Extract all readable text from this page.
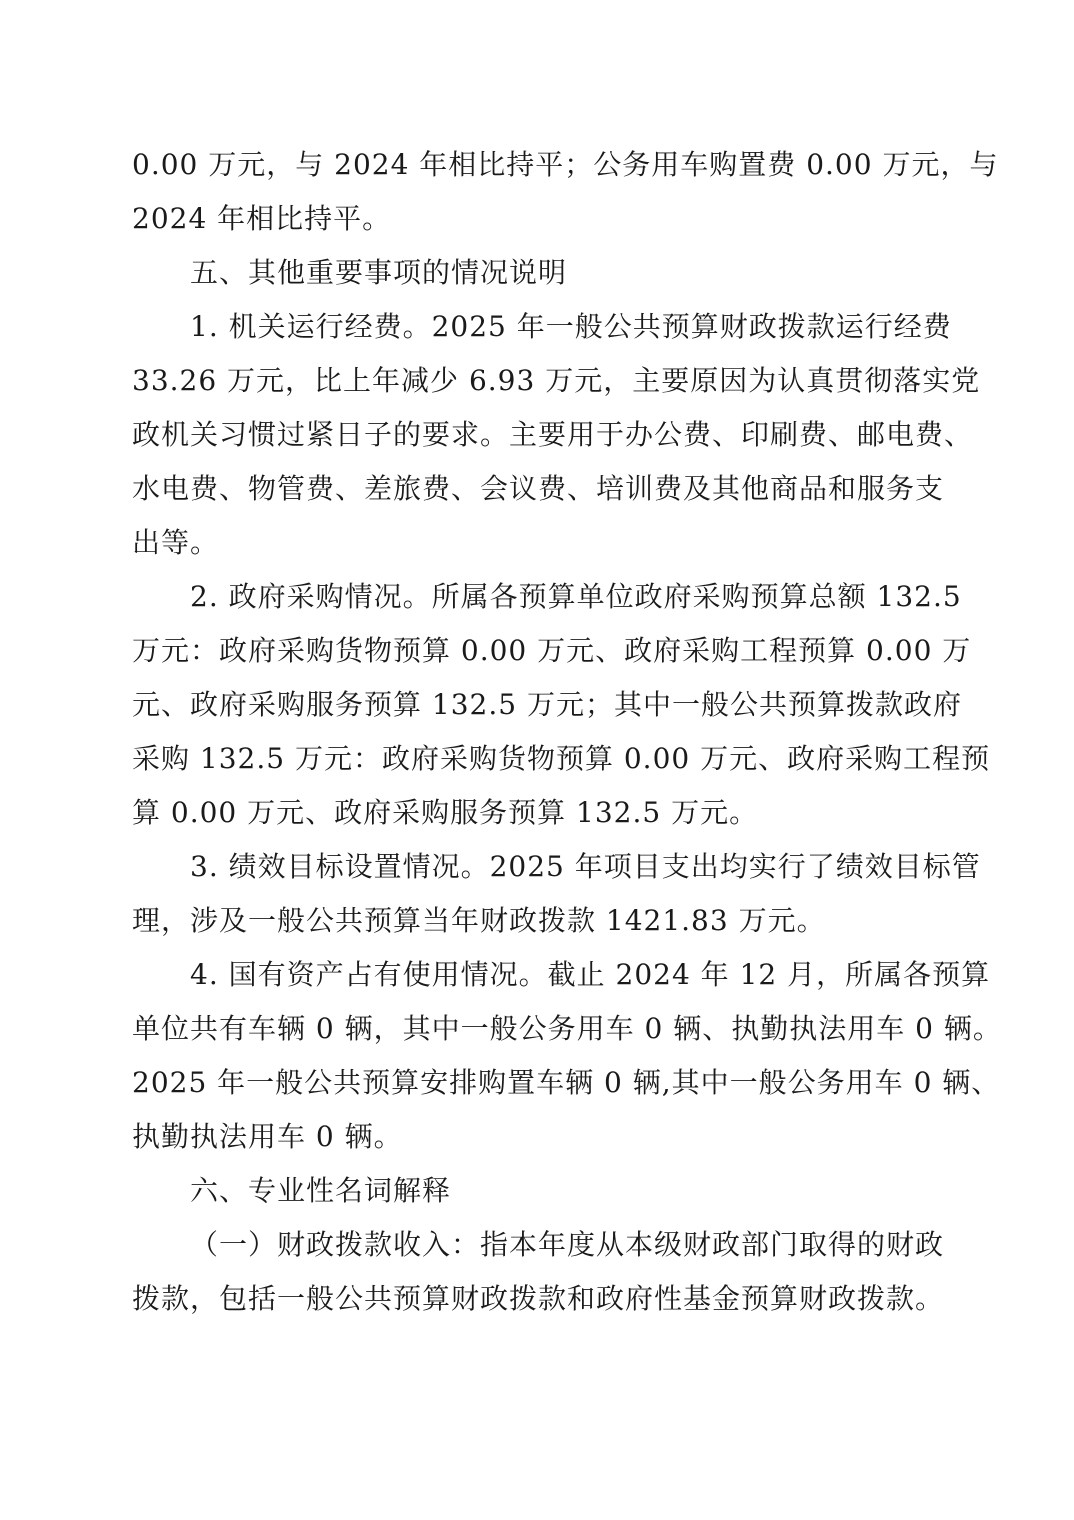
0.00 万元，与 2024 年相比持平；公务用车购置费 0.00 万元，与
2024 年相比持平。
五、其他重要事项的情况说明
1. 机关运行经费。2025 年一般公共预算财政拨款运行经费
33.26 万元，比上年减少 6.93 万元，主要原因为认真贯彻落实党
政机关习惯过紧日子的要求。主要用于办公费、印刷费、邮电费、
水电费、物管费、差旅费、会议费、培训费及其他商品和服务支
出等。
2. 政府采购情况。所属各预算单位政府采购预算总额 132.5
万元：政府采购货物预算 0.00 万元、政府采购工程预算 0.00 万
元、政府采购服务预算 132.5 万元；其中一般公共预算拨款政府
采购 132.5 万元：政府采购货物预算 0.00 万元、政府采购工程预
算 0.00 万元、政府采购服务预算 132.5 万元。
3. 绩效目标设置情况。2025 年项目支出均实行了绩效目标管
理，涉及一般公共预算当年财政拨款 1421.83 万元。
4. 国有资产占有使用情况。截止 2024 年 12 月，所属各预算
单位共有车辆 0 辆，其中一般公务用车 0 辆、执勤执法用车 0 辆。
2025 年一般公共预算安排购置车辆 0 辆,其中一般公务用车 0 辆、
执勤执法用车 0 辆。
六、专业性名词解释
（一）财政拨款收入：指本年度从本级财政部门取得的财政
拨款，包括一般公共预算财政拨款和政府性基金预算财政拨款。
